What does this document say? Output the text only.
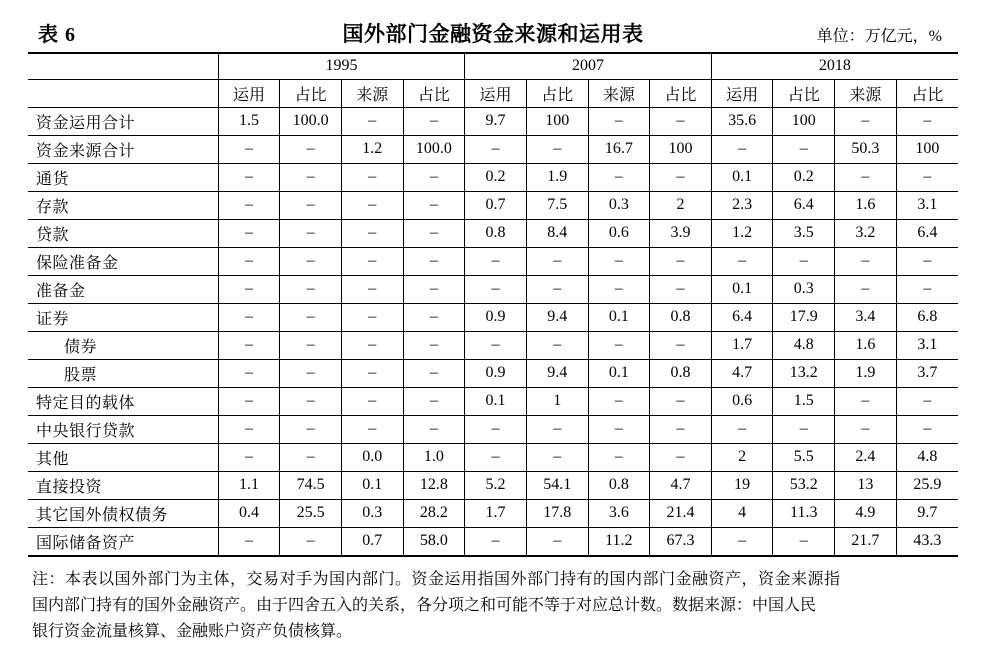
表 6	国外部门金融资金来源和运用表	单位：万亿元，%
	1995				2007				2018			
	运用	占比	来源	占比	运用	占比	来源	占比	运用	占比	来源	占比
资金运用合计	1.5	100.0	–	–	9.7	100	–	–	35.6	100	–	–
资金来源合计	–	–	1.2	100.0	–	–	16.7	100	–	–	50.3	100
通货	–	–	–	–	0.2	1.9	–	–	0.1	0.2	–	–
存款	–	–	–	–	0.7	7.5	0.3	2	2.3	6.4	1.6	3.1
贷款	–	–	–	–	0.8	8.4	0.6	3.9	1.2	3.5	3.2	6.4
保险准备金	–	–	–	–	–	–	–	–	–	–	–	–
准备金	–	–	–	–	–	–	–	–	0.1	0.3	–	–
证券	–	–	–	–	0.9	9.4	0.1	0.8	6.4	17.9	3.4	6.8
债券	–	–	–	–	–	–	–	–	1.7	4.8	1.6	3.1
股票	–	–	–	–	0.9	9.4	0.1	0.8	4.7	13.2	1.9	3.7
特定目的载体	–	–	–	–	0.1	1	–	–	0.6	1.5	–	–
中央银行贷款	–	–	–	–	–	–	–	–	–	–	–	–
其他	–	–	0.0	1.0	–	–	–	–	2	5.5	2.4	4.8
直接投资	1.1	74.5	0.1	12.8	5.2	54.1	0.8	4.7	19	53.2	13	25.9
其它国外债权债务	0.4	25.5	0.3	28.2	1.7	17.8	3.6	21.4	4	11.3	4.9	9.7
国际储备资产	–	–	0.7	58.0	–	–	11.2	67.3	–	–	21.7	43.3
注：本表以国外部门为主体，交易对手为国内部门。资金运用指国外部门持有的国内部门金融资产，资金来源指
国内部门持有的国外金融资产。由于四舍五入的关系，各分项之和可能不等于对应总计数。数据来源：中国人民
银行资金流量核算、金融账户资产负债核算。
